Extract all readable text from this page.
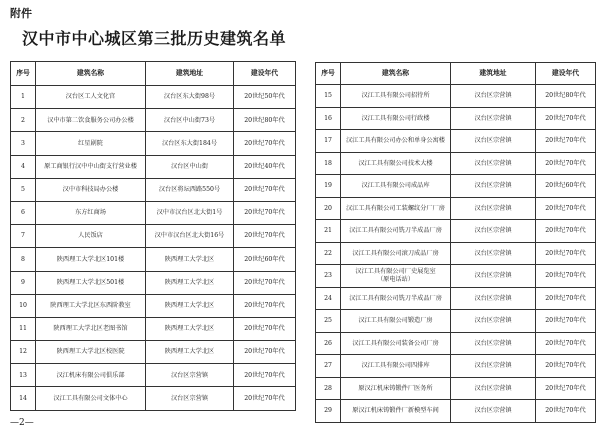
附件
汉中市中心城区第三批历史建筑名单
序号	建筑名称	建筑地址	建设年代
1	汉台区工人文化宫	汉台区东大街98号	20世纪50年代
2	汉中市第二饮食服务公司办公楼	汉台区中山街73号	20世纪80年代
3	红星剧院	汉台区东大街184号	20世纪70年代
4	原工商银行汉中中山街支行营业楼	汉台区中山街	20世纪40年代
5	汉中市科技局办公楼	汉台区将坛西路550号	20世纪70年代
6	东方红商场	汉中市汉台区北大街1号	20世纪70年代
7	人民饭店	汉中市汉台区北大街16号	20世纪70年代
8	陕西理工大学北区101楼	陕西理工大学北区	20世纪60年代
9	陕西理工大学北区501楼	陕西理工大学北区	20世纪70年代
10	陕西理工大学北区东西阶教室	陕西理工大学北区	20世纪70年代
11	陕西理工大学北区老图书馆	陕西理工大学北区	20世纪70年代
12	陕西理工大学北区校医院	陕西理工大学北区	20世纪70年代
13	汉江机床有限公司俱乐部	汉台区宗营镇	20世纪70年代
14	汉江工具有限公司文体中心	汉台区宗营镇	20世纪70年代
序号	建筑名称	建筑地址	建设年代
15	汉江工具有限公司招待所	汉台区宗营镇	20世纪80年代
16	汉江工具有限公司行政楼	汉台区宗营镇	20世纪70年代
17	汉江工具有限公司办公和单身公寓楼	汉台区宗营镇	20世纪70年代
18	汉江工具有限公司技术大楼	汉台区宗营镇	20世纪70年代
19	汉江工具有限公司成品库	汉台区宗营镇	20世纪60年代
20	汉江工具有限公司工装螺纹分厂厂房	汉台区宗营镇	20世纪70年代
21	汉江工具有限公司铣刀半成品厂房	汉台区宗营镇	20世纪70年代
22	汉江工具有限公司滚刀成品厂房	汉台区宗营镇	20世纪70年代
23	汉江工具有限公司厂史展览室
（原电话站）	汉台区宗营镇	20世纪70年代
24	汉江工具有限公司铣刀半成品厂房	汉台区宗营镇	20世纪70年代
25	汉江工具有限公司锻造厂房	汉台区宗营镇	20世纪70年代
26	汉江工具有限公司装备公司厂房	汉台区宗营镇	20世纪70年代
27	汉江工具有限公司四排库	汉台区宗营镇	20世纪70年代
28	原汉江机床铸锻件厂医务所	汉台区宗营镇	20世纪70年代
29	原汉江机床铸锻件厂新模型车间	汉台区宗营镇	20世纪70年代
—2—
